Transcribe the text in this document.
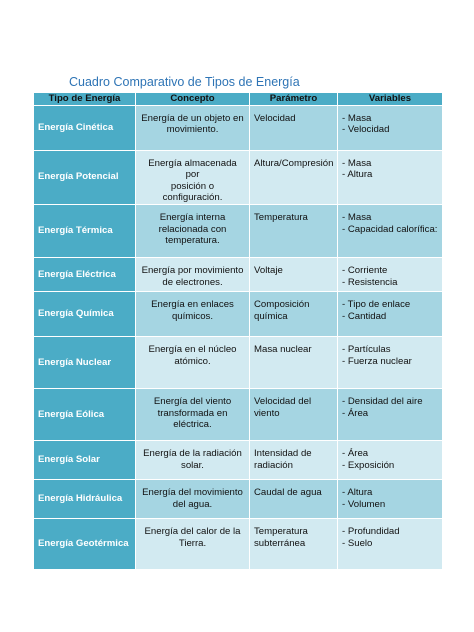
Cuadro Comparativo de Tipos de Energía
Tipo de Energía	Concepto	Parámetro	Variables
Energía Cinética	Energía de un objeto en
movimiento.	Velocidad	- Masa
- Velocidad

Energía Potencial	Energía almacenada por
posición o configuración.	Altura/Compresión	- Masa
- Altura

Energía Térmica	Energía interna
relacionada con
temperatura.	Temperatura	- Masa
- Capacidad calorífica:

Energía Eléctrica	Energía por movimiento
de electrones.	Voltaje	- Corriente
- Resistencia

Energía Química	Energía en enlaces
químicos.	Composición
química	- Tipo de enlace
- Cantidad

Energía Nuclear	Energía en el núcleo
atómico.	Masa nuclear	- Partículas
- Fuerza nuclear

Energía Eólica	Energía del viento
transformada en
eléctrica.	Velocidad del
viento	- Densidad del aire
- Área

Energía Solar	Energía de la radiación
solar.	Intensidad de
radiación	- Área
- Exposición

Energía Hidráulica	Energía del movimiento
del agua.	Caudal de agua	- Altura
- Volumen

Energía Geotérmica	Energía del calor de la
Tierra.	Temperatura
subterránea	- Profundidad
- Suelo
